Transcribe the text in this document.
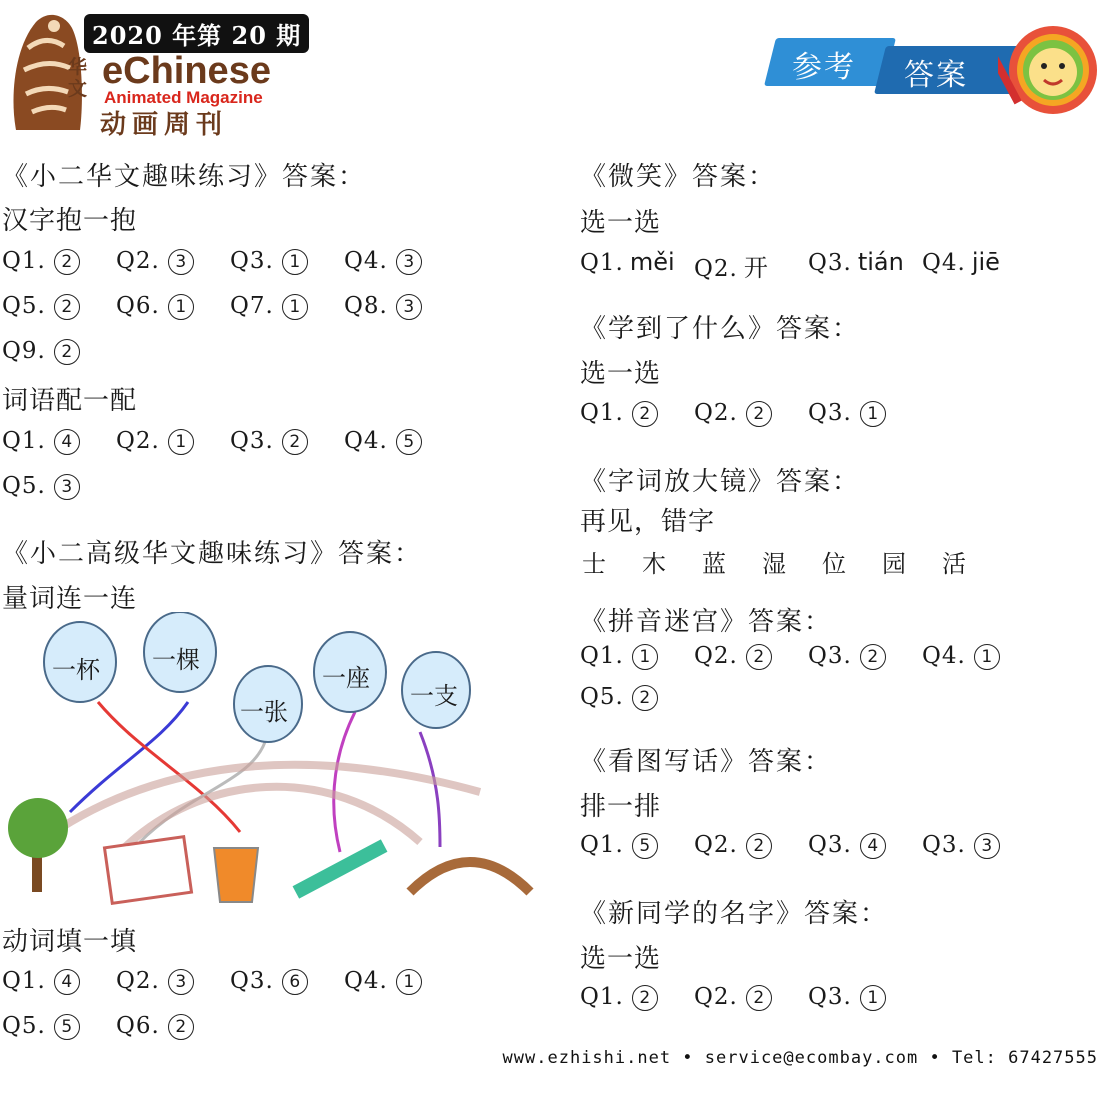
2020 年第 20 期
华文 eChinese
Animated Magazine
动画周刊
参考 答案
《小二华文趣味练习》答案：
汉字抱一抱
Q1. 2	Q2. 3	Q3. 1	Q4. 3
Q5. 2	Q6. 1	Q7. 1	Q8. 3
Q9. 2
词语配一配
Q1. 4	Q2. 1	Q3. 2	Q4. 5
Q5. 3
《小二高级华文趣味练习》答案：
量词连一连
一杯 一棵
一张
一座
一支
动词填一填
Q1. 4	Q2. 3	Q3. 6	Q4. 1
Q5. 5	Q6. 2
《微笑》答案：
选一选
Q1. měi Q2. 开	Q3. tián Q4. jiē
《学到了什么》答案：
选一选
Q1. 2	Q2. 2	Q3. 1
《字词放大镜》答案：
再见，错字
士	木	蓝	湿	位	园	活
《拼音迷宫》答案：
Q1. 1	Q2. 2	Q3. 2	Q4. 1
Q5. 2
《看图写话》答案：
排一排
Q1. 5	Q2. 2	Q3. 4	Q3. 3
《新同学的名字》答案：
选一选
Q1. 2	Q2. 2	Q3. 1
www.ezhishi.net • service@ecombay.com • Tel: 67427555
